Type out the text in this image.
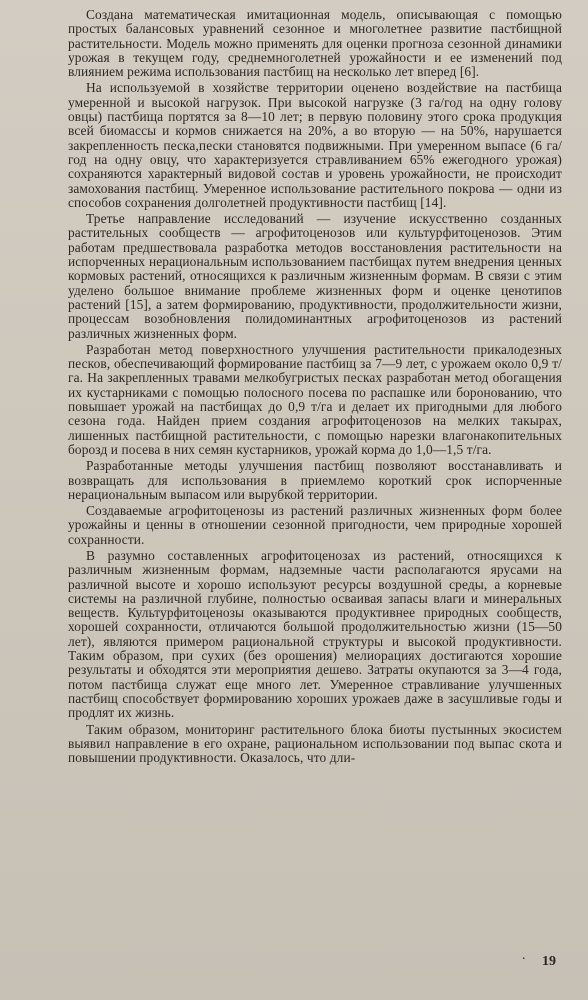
Создана математическая имитационная модель, описывающая с помощью простых балансовых уравнений сезонное и многолетнее развитие пастбищной растительности. Модель можно применять для оценки прогноза сезонной динамики урожая в текущем году, среднемноголетней урожайности и ее изменений под влиянием режима использования пастбищ на несколько лет вперед [6].

На используемой в хозяйстве территории оценено воздействие на пастбища умеренной и высокой нагрузок. При высокой нагрузке (3 га/год на одну голову овцы) пастбища портятся за 8—10 лет; в первую половину этого срока продукция всей биомассы и кормов снижается на 20%, а во вторую — на 50%, нарушается закрепленность песка,пески становятся подвижными. При умеренном выпасе (6 га/год на одну овцу, что характеризуется стравливанием 65% ежегодного урожая) сохраняются характерный видовой состав и уровень урожайности, не происходит замохования пастбищ. Умеренное использование растительного покрова — одни из способов сохранения долголетней продуктивности пастбищ [14].

Третье направление исследований — изучение искусственно созданных растительных сообществ — агрофитоценозов или культурфитоценозов. Этим работам предшествовала разработка методов восстановления растительности на испорченных нерациональным использованием пастбищах путем внедрения ценных кормовых растений, относящихся к различным жизненным формам. В связи с этим уделено большое внимание проблеме жизненных форм и оценке ценотипов растений [15], а затем формированию, продуктивности, продолжительности жизни, процессам возобновления полидоминантных агрофитоценозов из растений различных жизненных форм.

Разработан метод поверхностного улучшения растительности прикалодезных песков, обеспечивающий формирование пастбищ за 7—9 лет, с урожаем около 0,9 т/га. На закрепленных травами мелкобугристых песках разработан метод обогащения их кустарниками с помощью полосного посева по распашке или боронованию, что повышает урожай на пастбищах до 0,9 т/га и делает их пригодными для любого сезона года. Найден прием создания агрофитоценозов на мелких такырах, лишенных пастбищной растительности, с помощью нарезки влагонакопительных борозд и посева в них семян кустарников, урожай корма до 1,0—1,5 т/га.

Разработанные методы улучшения пастбищ позволяют восстанавливать и возвращать для использования в приемлемо короткий срок испорченные нерациональным выпасом или вырубкой территории.

Создаваемые агрофитоценозы из растений различных жизненных форм более урожайны и ценны в отношении сезонной пригодности, чем природные хорошей сохранности.

В разумно составленных агрофитоценозах из растений, относящихся к различным жизненным формам, надземные части располагаются ярусами на различной высоте и хорошо используют ресурсы воздушной среды, а корневые системы на различной глубине, полностью осваивая запасы влаги и минеральных веществ. Культурфитоценозы оказываются продуктивнее природных сообществ, хорошей сохранности, отличаются большой продолжительностью жизни (15—50 лет), являются примером рациональной структуры и высокой продуктивности. Таким образом, при сухих (без орошения) мелиорациях достигаются хорошие результаты и обходятся эти мероприятия дешево. Затраты окупаются за 3—4 года, потом пастбища служат еще много лет. Умеренное стравливание улучшенных пастбищ способствует формированию хороших урожаев даже в засушливые годы и продлят их жизнь.

Таким образом, мониторинг растительного блока биоты пустынных экосистем выявил направление в его охране, рациональном использовании под выпас скота и повышении продуктивности. Оказалось, что дли-

· 19
